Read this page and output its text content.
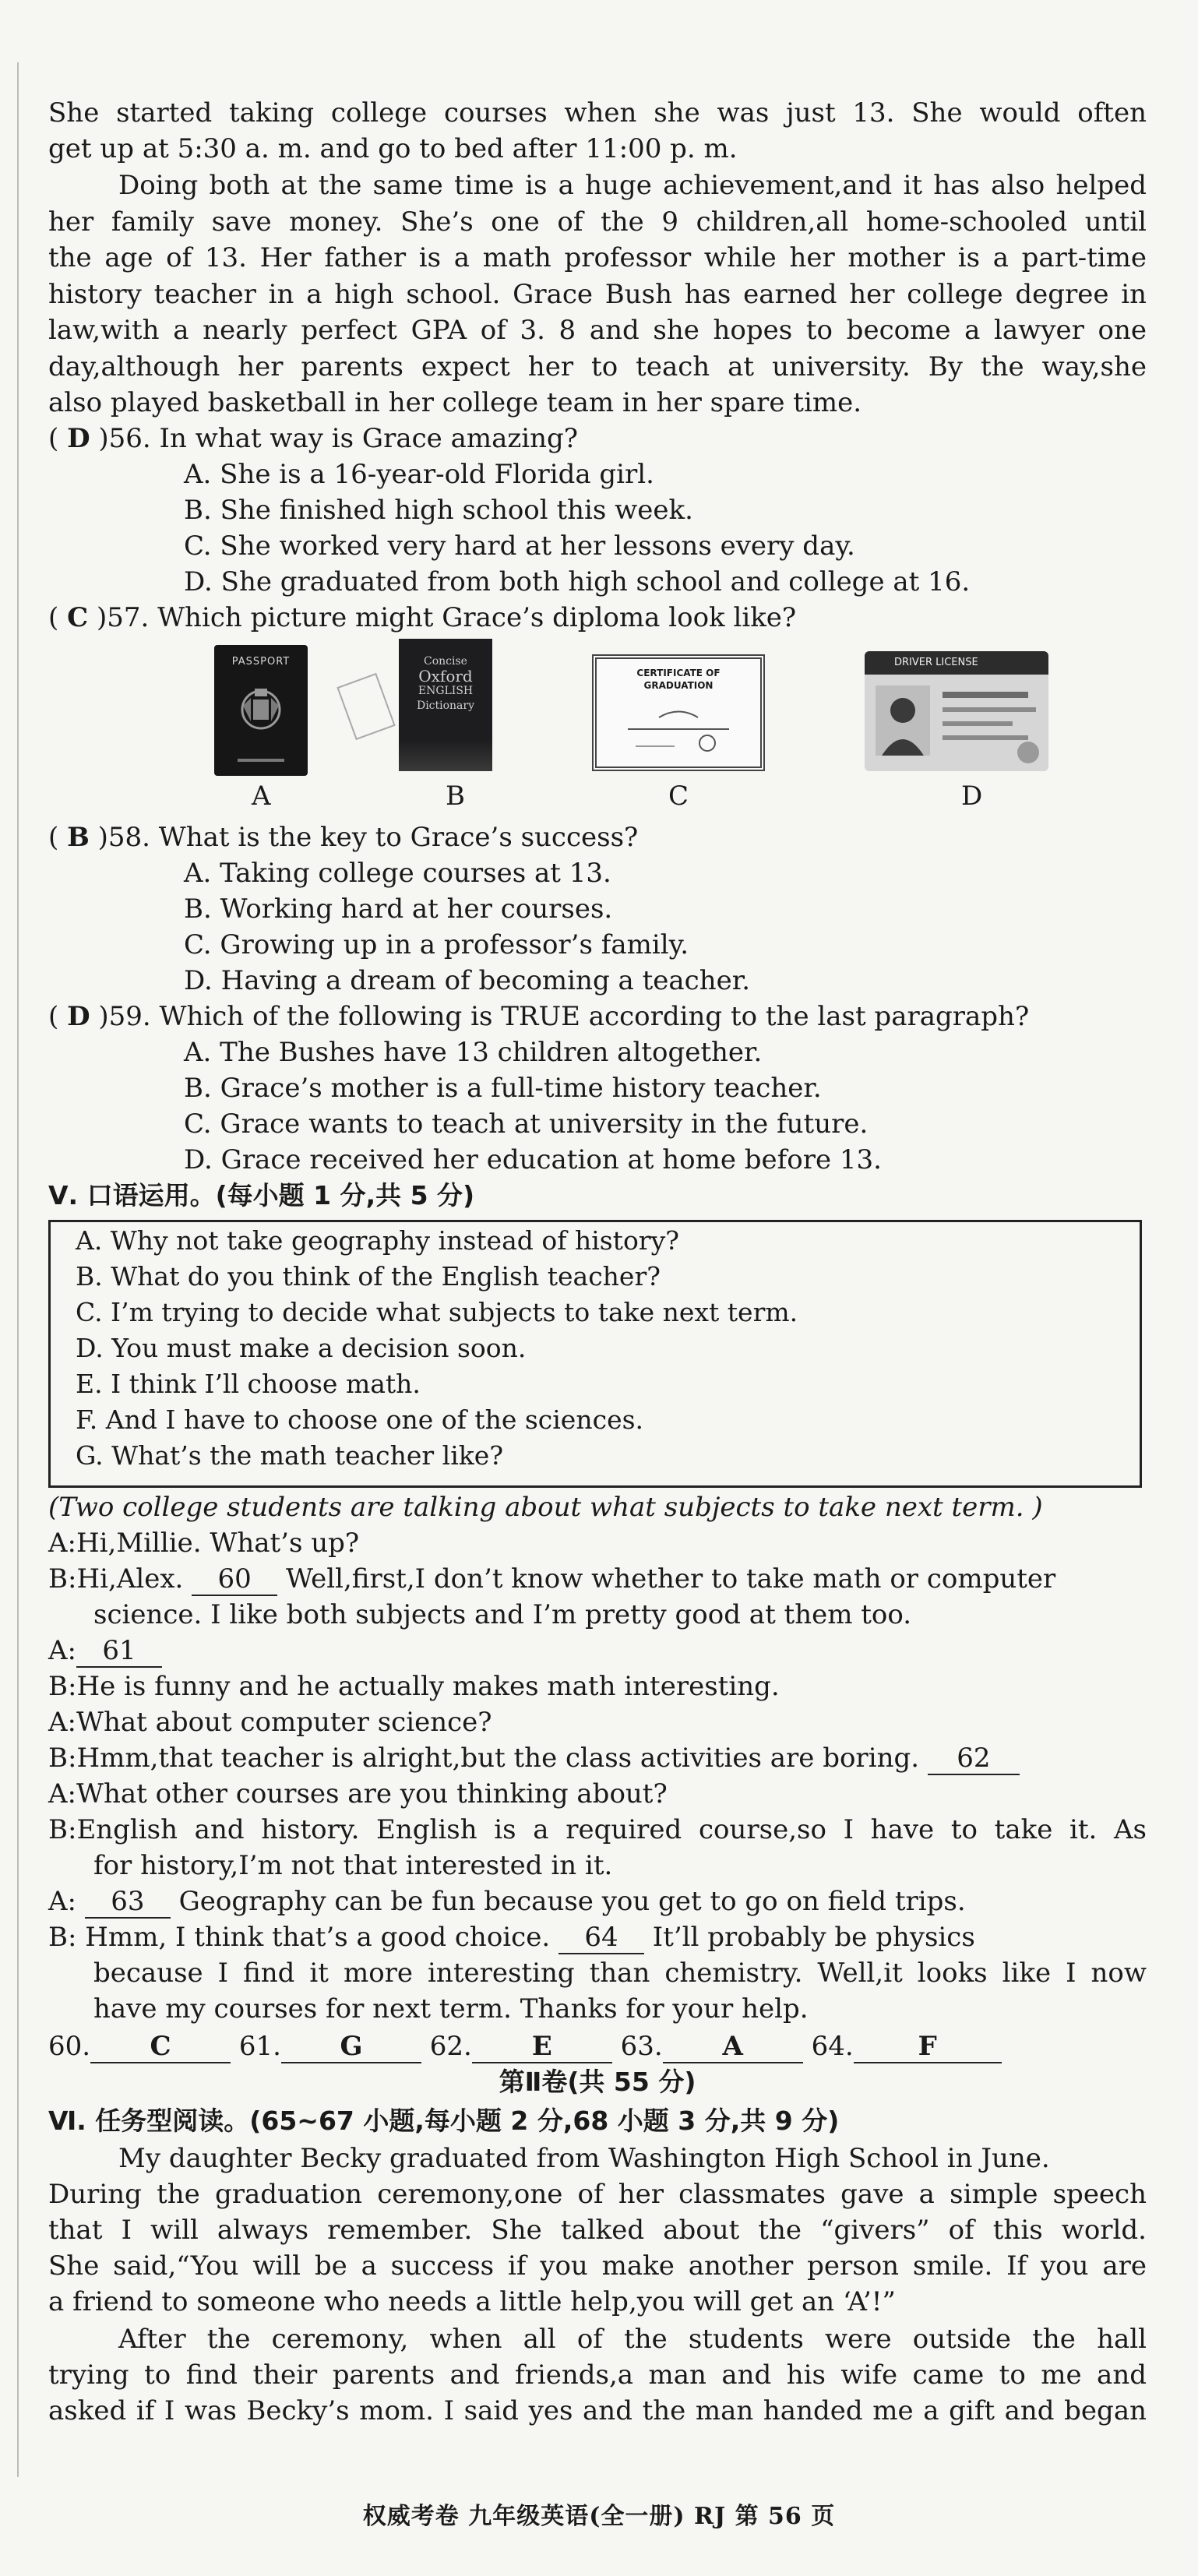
She started taking college courses when she was just 13. She would often
get up at 5:30 a. m. and go to bed after 11:00 p. m.
Doing both at the same time is a huge achievement,and it has also helped
her family save money. She’s one of the 9 children,all home-schooled until
the age of 13. Her father is a math professor while her mother is a part-time
history teacher in a high school. Grace Bush has earned her college degree in
law,with a nearly perfect GPA of 3. 8 and she hopes to become a lawyer one
day,although her parents expect her to teach at university. By the way,she
also played basketball in her college team in her spare time.
( D )56. In what way is Grace amazing?
A. She is a 16-year-old Florida girl.
B. She finished high school this week.
C. She worked very hard at her lessons every day.
D. She graduated from both high school and college at 16.
( C )57. Which picture might Grace’s diploma look like?
PASSPORT
A
Concise
Oxford
ENGLISH
Dictionary
B
CERTIFICATE OF
GRADUATION
C
DRIVER LICENSE
D
( B )58. What is the key to Grace’s success?
A. Taking college courses at 13.
B. Working hard at her courses.
C. Growing up in a professor’s family.
D. Having a dream of becoming a teacher.
( D )59. Which of the following is TRUE according to the last paragraph?
A. The Bushes have 13 children altogether.
B. Grace’s mother is a full-time history teacher.
C. Grace wants to teach at university in the future.
D. Grace received her education at home before 13.
Ⅴ. 口语运用。(每小题 1 分,共 5 分)
A. Why not take geography instead of history?
B. What do you think of the English teacher?
C. I’m trying to decide what subjects to take next term.
D. You must make a decision soon.
E. I think I’ll choose math.
F. And I have to choose one of the sciences.
G. What’s the math teacher like?
(Two college students are talking about what subjects to take next term. )
A:Hi,Millie. What’s up?
B:Hi,Alex. 60 Well,first,I don’t know whether to take math or computer
science. I like both subjects and I’m pretty good at them too.
A: 61
B:He is funny and he actually makes math interesting.
A:What about computer science?
B:Hmm,that teacher is alright,but the class activities are boring. 62
A:What other courses are you thinking about?
B:English and history. English is a required course,so I have to take it. As
for history,I’m not that interested in it.
A: 63 Geography can be fun because you get to go on field trips.
B: Hmm, I think that’s a good choice. 64 It’ll probably be physics
because I find it more interesting than chemistry. Well,it looks like I now
have my courses for next term. Thanks for your help.
60. C	61. G	62. E	63. A	64. F
第Ⅱ卷(共 55 分)
Ⅵ. 任务型阅读。(65~67 小题,每小题 2 分,68 小题 3 分,共 9 分)
My daughter Becky graduated from Washington High School in June.
During the graduation ceremony,one of her classmates gave a simple speech
that I will always remember. She talked about the “givers” of this world.
She said,“You will be a success if you make another person smile. If you are
a friend to someone who needs a little help,you will get an ‘A’!”
After the ceremony, when all of the students were outside the hall
trying to find their parents and friends,a man and his wife came to me and
asked if I was Becky’s mom. I said yes and the man handed me a gift and began
权威考卷 九年级英语(全一册) RJ 第 56 页
